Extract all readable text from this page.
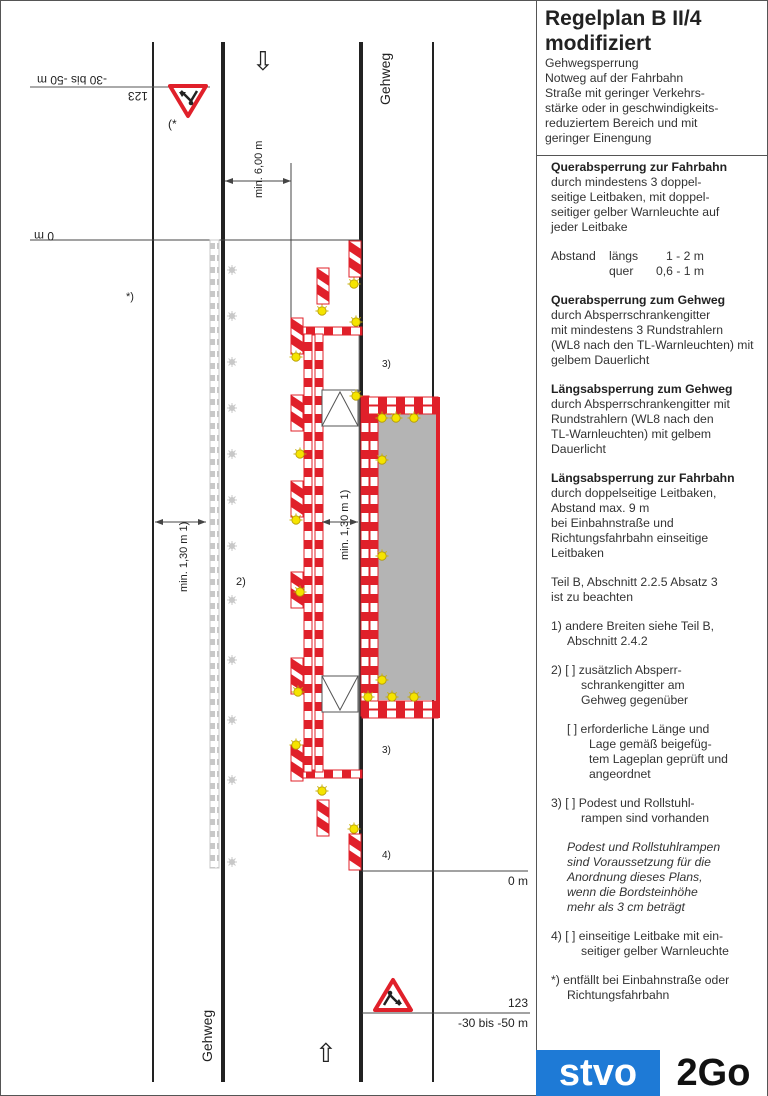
Gehweg
Gehweg
⇩
⇧
-30 bis -50 m
123
(*
min. 6,00 m
0 m
*)
2)
min. 1,30 m 1)	min. 1,30 m 1)
3)
3)
4)
0 m
123
-30 bis -50 m
Regelplan B II/4
modifiziert
Gehwegsperrung
Notweg auf der Fahrbahn
Straße mit geringer Verkehrs-
stärke oder in geschwindigkeits-
reduziertem Bereich und mit
geringer Einengung
Querabsperrung zur Fahrbahn
durch mindestens 3 doppel-
seitige Leitbaken, mit doppel-
seitiger gelber Warnleuchte auf
jeder Leitbake
Abstand längs	1 - 2 m
quer	0,6 - 1 m
Querabsperrung zum Gehweg
durch Absperrschrankengitter
mit mindestens 3 Rundstrahlern
(WL8 nach den TL-Warnleuchten) mit
gelbem Dauerlicht
Längsabsperrung zum Gehweg
durch Absperrschrankengitter mit
Rundstrahlern (WL8 nach den
TL-Warnleuchten) mit gelbem
Dauerlicht
Längsabsperrung zur Fahrbahn
durch doppelseitige Leitbaken,
Abstand max. 9 m
bei Einbahnstraße und
Richtungsfahrbahn einseitige
Leitbaken
Teil B, Abschnitt 2.2.5 Absatz 3
ist zu beachten
1) andere Breiten siehe Teil B,
Abschnitt 2.4.2
2) [ ] zusätzlich Absperr-
schrankengitter am
Gehweg gegenüber
[ ] erforderliche Länge und
Lage gemäß beigefüg-
tem Lageplan geprüft und
angeordnet
3) [ ] Podest und Rollstuhl-
rampen sind vorhanden
Podest und Rollstuhlrampen
sind Voraussetzung für die
Anordnung dieses Plans,
wenn die Bordsteinhöhe
mehr als 3 cm beträgt
4) [ ] einseitige Leitbake mit ein-
seitiger gelber Warnleuchte
*) entfällt bei Einbahnstraße oder
Richtungsfahrbahn
stvo	2Go
